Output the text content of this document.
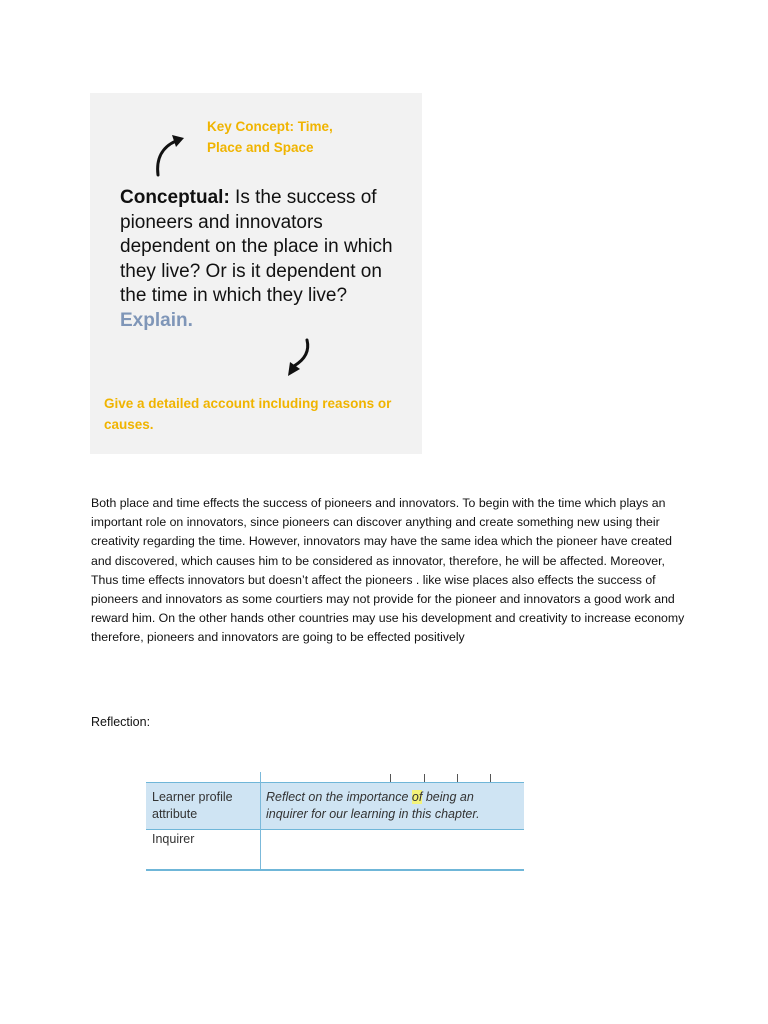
Key Concept: Time,
Place and Space
Conceptual: Is the success of pioneers and innovators dependent on the place in which they live? Or is it dependent on the time in which they live? Explain.
Give a detailed account including reasons or causes.
Both place and time effects the success of pioneers and innovators. To begin with the time which plays an important role on innovators, since pioneers can discover anything and create something new using their creativity regarding the time. However, innovators may have the same idea which the pioneer have created and discovered, which causes him to be considered as innovator, therefore, he will be affected. Moreover, Thus time effects innovators but doesn’t affect the pioneers . like wise places also effects the success of pioneers and innovators as some courtiers may not provide for the pioneer and innovators a good work and reward him. On the other hands other countries may use his development and creativity to increase economy therefore, pioneers and innovators are going to be effected positively
Reflection:
Learner profile attribute
Reflect on the importance of being an inquirer for our learning in this chapter.
Inquirer
